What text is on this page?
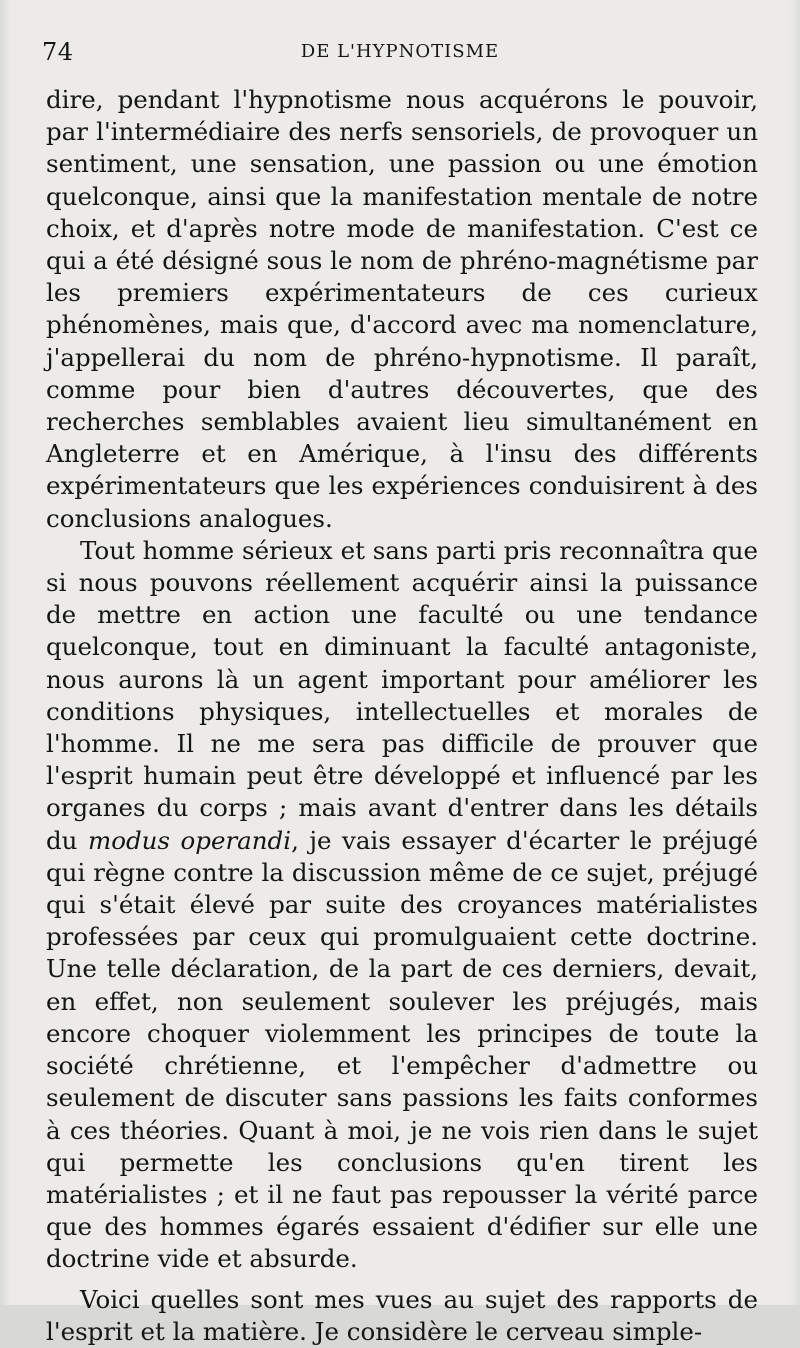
74	DE L'HYPNOTISME

dire, pendant l'hypnotisme nous acquérons le pouvoir, par l'intermédiaire des nerfs sensoriels, de provoquer un sentiment, une sensation, une passion ou une émotion quelconque, ainsi que la manifestation mentale de notre choix, et d'après notre mode de manifestation. C'est ce qui a été désigné sous le nom de phréno-magnétisme par les premiers expérimentateurs de ces curieux phénomènes, mais que, d'accord avec ma nomenclature, j'appellerai du nom de phréno-hypnotisme. Il paraît, comme pour bien d'autres découvertes, que des recherches semblables avaient lieu simultanément en Angleterre et en Amérique, à l'insu des différents expérimentateurs que les expériences conduisirent à des conclusions analogues.

Tout homme sérieux et sans parti pris reconnaîtra que si nous pouvons réellement acquérir ainsi la puissance de mettre en action une faculté ou une tendance quelconque, tout en diminuant la faculté antagoniste, nous aurons là un agent important pour améliorer les conditions physiques, intellectuelles et morales de l'homme. Il ne me sera pas difficile de prouver que l'esprit humain peut être développé et influencé par les organes du corps ; mais avant d'entrer dans les détails du modus operandi, je vais essayer d'écarter le préjugé qui règne contre la discussion même de ce sujet, préjugé qui s'était élevé par suite des croyances matérialistes professées par ceux qui promulguaient cette doctrine. Une telle déclaration, de la part de ces derniers, devait, en effet, non seulement soulever les préjugés, mais encore choquer violemment les principes de toute la société chrétienne, et l'empêcher d'admettre ou seulement de discuter sans passions les faits conformes à ces théories. Quant à moi, je ne vois rien dans le sujet qui permette les conclusions qu'en tirent les matérialistes ; et il ne faut pas repousser la vérité parce que des hommes égarés essaient d'édifier sur elle une doctrine vide et absurde.

Voici quelles sont mes vues au sujet des rapports de l'esprit et la matière. Je considère le cerveau simple-
